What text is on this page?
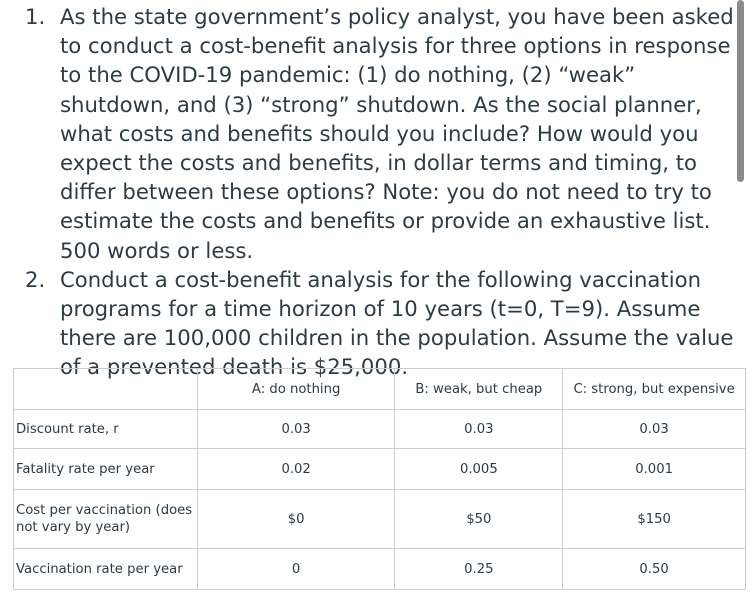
1. As the state government’s policy analyst, you have been asked to conduct a cost-benefit analysis for three options in response to the COVID-19 pandemic: (1) do nothing, (2) “weak” shutdown, and (3) “strong” shutdown. As the social planner, what costs and benefits should you include? How would you expect the costs and benefits, in dollar terms and timing, to differ between these options? Note: you do not need to try to estimate the costs and benefits or provide an exhaustive list. 500 words or less.
2. Conduct a cost-benefit analysis for the following vaccination programs for a time horizon of 10 years (t=0, T=9). Assume there are 100,000 children in the population. Assume the value of a prevented death is $25,000.
	A: do nothing	B: weak, but cheap	C: strong, but expensive
Discount rate, r	0.03	0.03	0.03
Fatality rate per year	0.02	0.005	0.001
Cost per vaccination (does not vary by year)	$0	$50	$150
Vaccination rate per year	0	0.25	0.50
